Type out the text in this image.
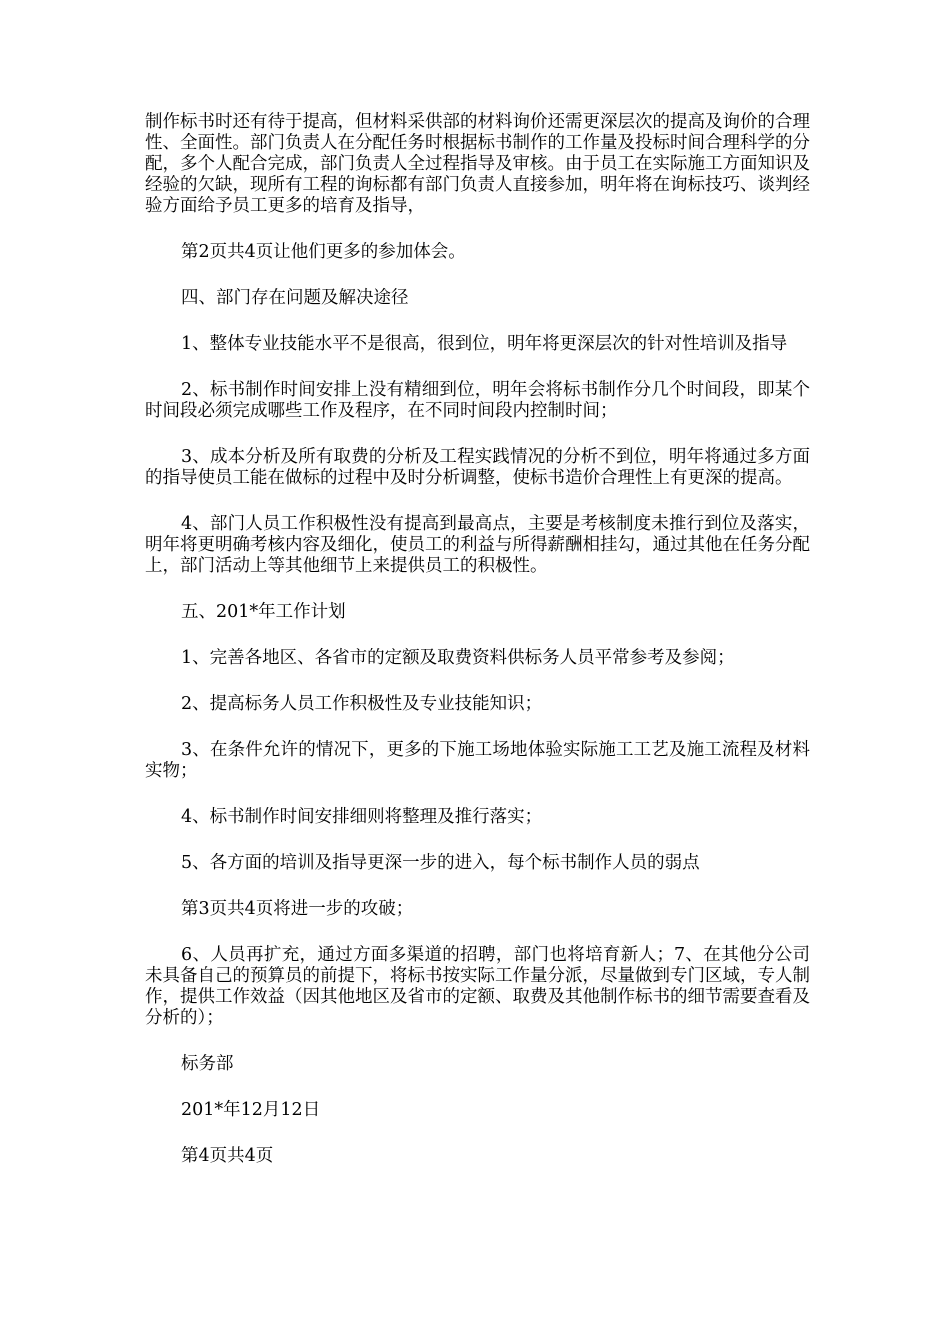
制作标书时还有待于提高，但材料采供部的材料询价还需更深层次的提高及询价的合理性、全面性。部门负责人在分配任务时根据标书制作的工作量及投标时间合理科学的分配，多个人配合完成，部门负责人全过程指导及审核。由于员工在实际施工方面知识及经验的欠缺，现所有工程的询标都有部门负责人直接参加，明年将在询标技巧、谈判经验方面给予员工更多的培育及指导，

第2页共4页让他们更多的参加体会。

四、部门存在问题及解决途径

1、整体专业技能水平不是很高，很到位，明年将更深层次的针对性培训及指导

2、标书制作时间安排上没有精细到位，明年会将标书制作分几个时间段，即某个时间段必须完成哪些工作及程序，在不同时间段内控制时间；

3、成本分析及所有取费的分析及工程实践情况的分析不到位，明年将通过多方面的指导使员工能在做标的过程中及时分析调整，使标书造价合理性上有更深的提高。

4、部门人员工作积极性没有提高到最高点，主要是考核制度未推行到位及落实，明年将更明确考核内容及细化，使员工的利益与所得薪酬相挂勾，通过其他在任务分配上，部门活动上等其他细节上来提供员工的积极性。

五、201*年工作计划

1、完善各地区、各省市的定额及取费资料供标务人员平常参考及参阅；

2、提高标务人员工作积极性及专业技能知识；

3、在条件允许的情况下，更多的下施工场地体验实际施工工艺及施工流程及材料实物；

4、标书制作时间安排细则将整理及推行落实；

5、各方面的培训及指导更深一步的进入，每个标书制作人员的弱点

第3页共4页将进一步的攻破；

6、人员再扩充，通过方面多渠道的招聘，部门也将培育新人；7、在其他分公司未具备自己的预算员的前提下，将标书按实际工作量分派，尽量做到专门区域，专人制作，提供工作效益（因其他地区及省市的定额、取费及其他制作标书的细节需要查看及分析的）；

标务部

201*年12月12日

第4页共4页
